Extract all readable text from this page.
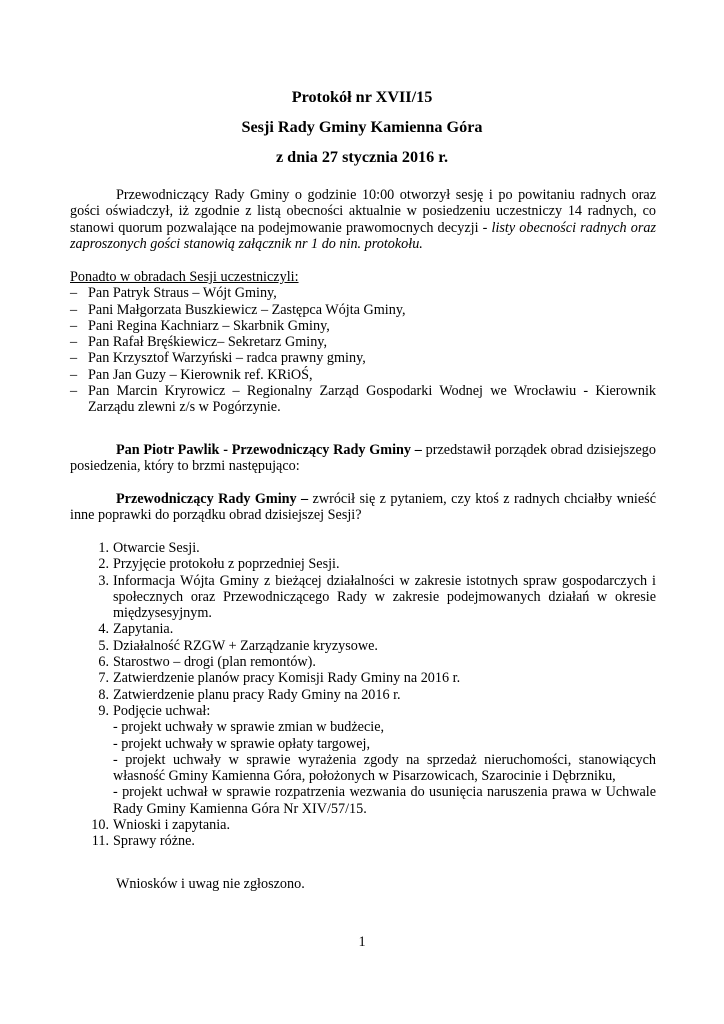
Protokół nr XVII/15
Sesji Rady Gminy Kamienna Góra
z dnia 27 stycznia 2016 r.
Przewodniczący Rady Gminy o godzinie 10:00 otworzył sesję i po powitaniu radnych oraz gości oświadczył, iż zgodnie z listą obecności aktualnie w posiedzeniu uczestniczy 14 radnych, co stanowi quorum pozwalające na podejmowanie prawomocnych decyzji - listy obecności radnych oraz zaproszonych gości stanowią załącznik nr 1 do nin. protokołu.
Ponadto w obradach Sesji uczestniczyli:
– Pan Patryk Straus – Wójt Gminy,
– Pani Małgorzata Buszkiewicz – Zastępca Wójta Gminy,
– Pani Regina Kachniarz – Skarbnik Gminy,
– Pan Rafał Bręśkiewicz– Sekretarz Gminy,
– Pan Krzysztof Warzyński – radca prawny gminy,
– Pan Jan Guzy – Kierownik ref. KRiOŚ,
– Pan Marcin Kryrowicz – Regionalny Zarząd Gospodarki Wodnej we Wrocławiu - Kierownik Zarządu zlewni z/s w Pogórzynie.
Pan Piotr Pawlik - Przewodniczący Rady Gminy – przedstawił porządek obrad dzisiejszego posiedzenia, który to brzmi następująco:
Przewodniczący Rady Gminy – zwrócił się z pytaniem, czy ktoś z radnych chciałby wnieść inne poprawki do porządku obrad dzisiejszej Sesji?
1. Otwarcie Sesji.
2. Przyjęcie protokołu z poprzedniej Sesji.
3. Informacja Wójta Gminy z bieżącej działalności w zakresie istotnych spraw gospodarczych i społecznych oraz Przewodniczącego Rady w zakresie podejmowanych działań w okresie międzysesyjnym.
4. Zapytania.
5. Działalność RZGW + Zarządzanie kryzysowe.
6. Starostwo – drogi (plan remontów).
7. Zatwierdzenie planów pracy Komisji Rady Gminy na 2016 r.
8. Zatwierdzenie planu pracy Rady Gminy na 2016 r.
9. Podjęcie uchwał:
- projekt uchwały w sprawie zmian w budżecie,
- projekt uchwały w sprawie opłaty targowej,
- projekt uchwały w sprawie wyrażenia zgody na sprzedaż nieruchomości, stanowiących własność Gminy Kamienna Góra, położonych w Pisarzowicach, Szarocinie i Dębrzniku,
- projekt uchwał w sprawie rozpatrzenia wezwania do usunięcia naruszenia prawa w Uchwale Rady Gminy Kamienna Góra Nr XIV/57/15.
10. Wnioski i zapytania.
11. Sprawy różne.
Wniosków i uwag nie zgłoszono.
1
